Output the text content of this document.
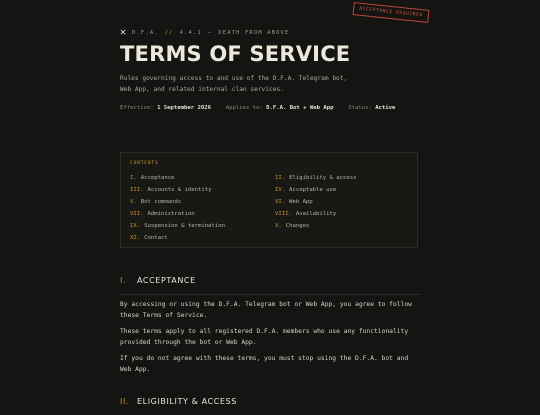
ACCEPTANCE REQUIRED
✕ D.F.A. // 4.4.1 — DEATH FROM ABOVE
TERMS OF SERVICE
Rules governing access to and use of the D.F.A. Telegram bot, Web App, and related internal clan services.
Effective: 1 September 2026	Applies to: D.F.A. Bot + Web App	Status: Active
CONTENTS
I. Acceptance	II. Eligibility & access
III. Accounts & identity	IV. Acceptable use
V. Bot commands	VI. Web App
VII. Administration	VIII. Availability
IX. Suspension & termination	X. Changes
XI. Contact
I. ACCEPTANCE
By accessing or using the D.F.A. Telegram bot or Web App, you agree to follow these Terms of Service.
These terms apply to all registered D.F.A. members who use any functionality provided through the bot or Web App.
If you do not agree with these terms, you must stop using the D.F.A. bot and Web App.
II. ELIGIBILITY & ACCESS
